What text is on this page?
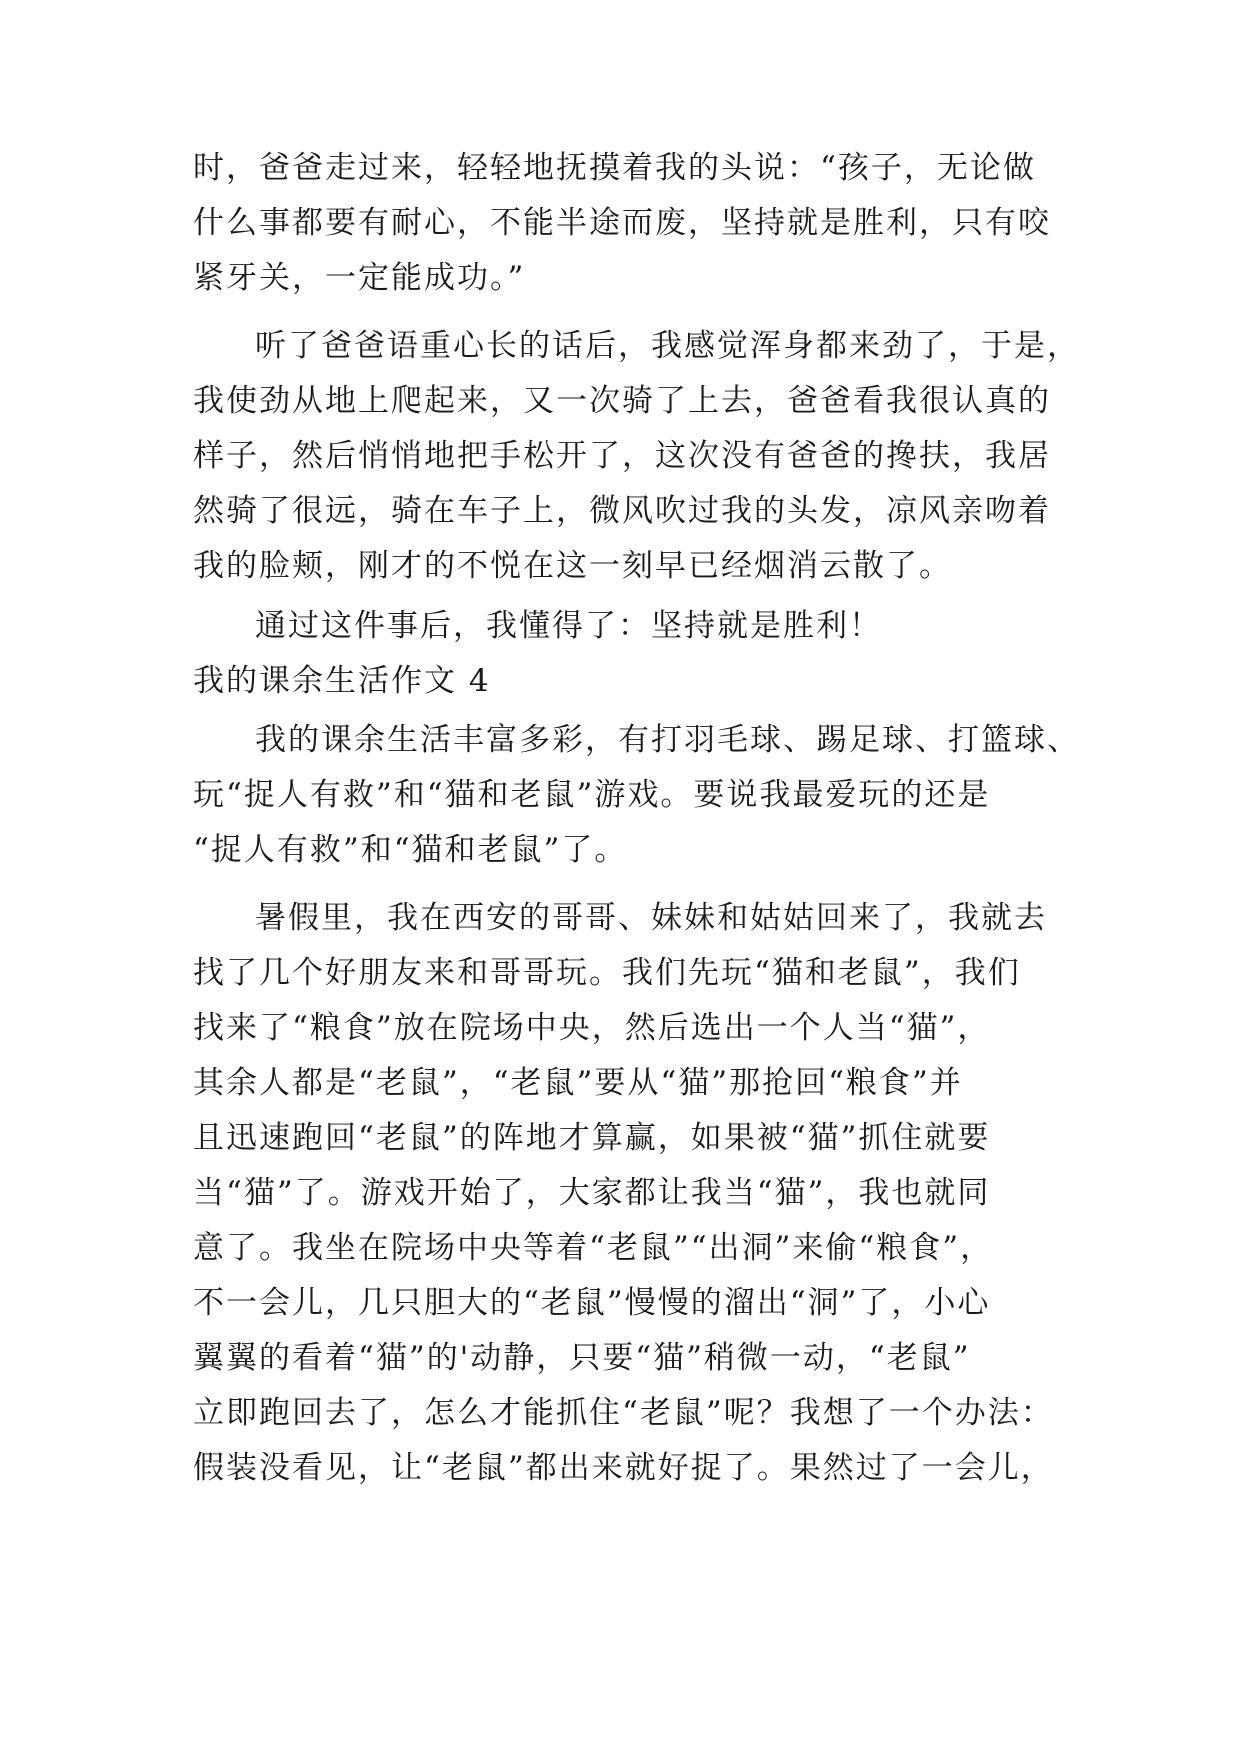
时，爸爸走过来，轻轻地抚摸着我的头说：“孩子，无论做
什么事都要有耐心，不能半途而废，坚持就是胜利，只有咬
紧牙关，一定能成功。”
听了爸爸语重心长的话后，我感觉浑身都来劲了，于是，
我使劲从地上爬起来，又一次骑了上去，爸爸看我很认真的
样子，然后悄悄地把手松开了，这次没有爸爸的搀扶，我居
然骑了很远，骑在车子上，微风吹过我的头发，凉风亲吻着
我的脸颊，刚才的不悦在这一刻早已经烟消云散了。
通过这件事后，我懂得了：坚持就是胜利！
我的课余生活作文 4
我的课余生活丰富多彩，有打羽毛球、踢足球、打篮球、
玩“捉人有救”和“猫和老鼠”游戏。要说我最爱玩的还是
“捉人有救”和“猫和老鼠”了。
暑假里，我在西安的哥哥、妹妹和姑姑回来了，我就去
找了几个好朋友来和哥哥玩。我们先玩“猫和老鼠”，我们
找来了“粮食”放在院场中央，然后选出一个人当“猫”，
其余人都是“老鼠”，“老鼠”要从“猫”那抢回“粮食”并
且迅速跑回“老鼠”的阵地才算赢，如果被“猫”抓住就要
当“猫”了。游戏开始了，大家都让我当“猫”，我也就同
意了。我坐在院场中央等着“老鼠”“出洞”来偷“粮食”，
不一会儿，几只胆大的“老鼠”慢慢的溜出“洞”了，小心
翼翼的看着“猫”的'动静，只要“猫”稍微一动，“老鼠”
立即跑回去了，怎么才能抓住“老鼠”呢？我想了一个办法：
假装没看见，让“老鼠”都出来就好捉了。果然过了一会儿，
